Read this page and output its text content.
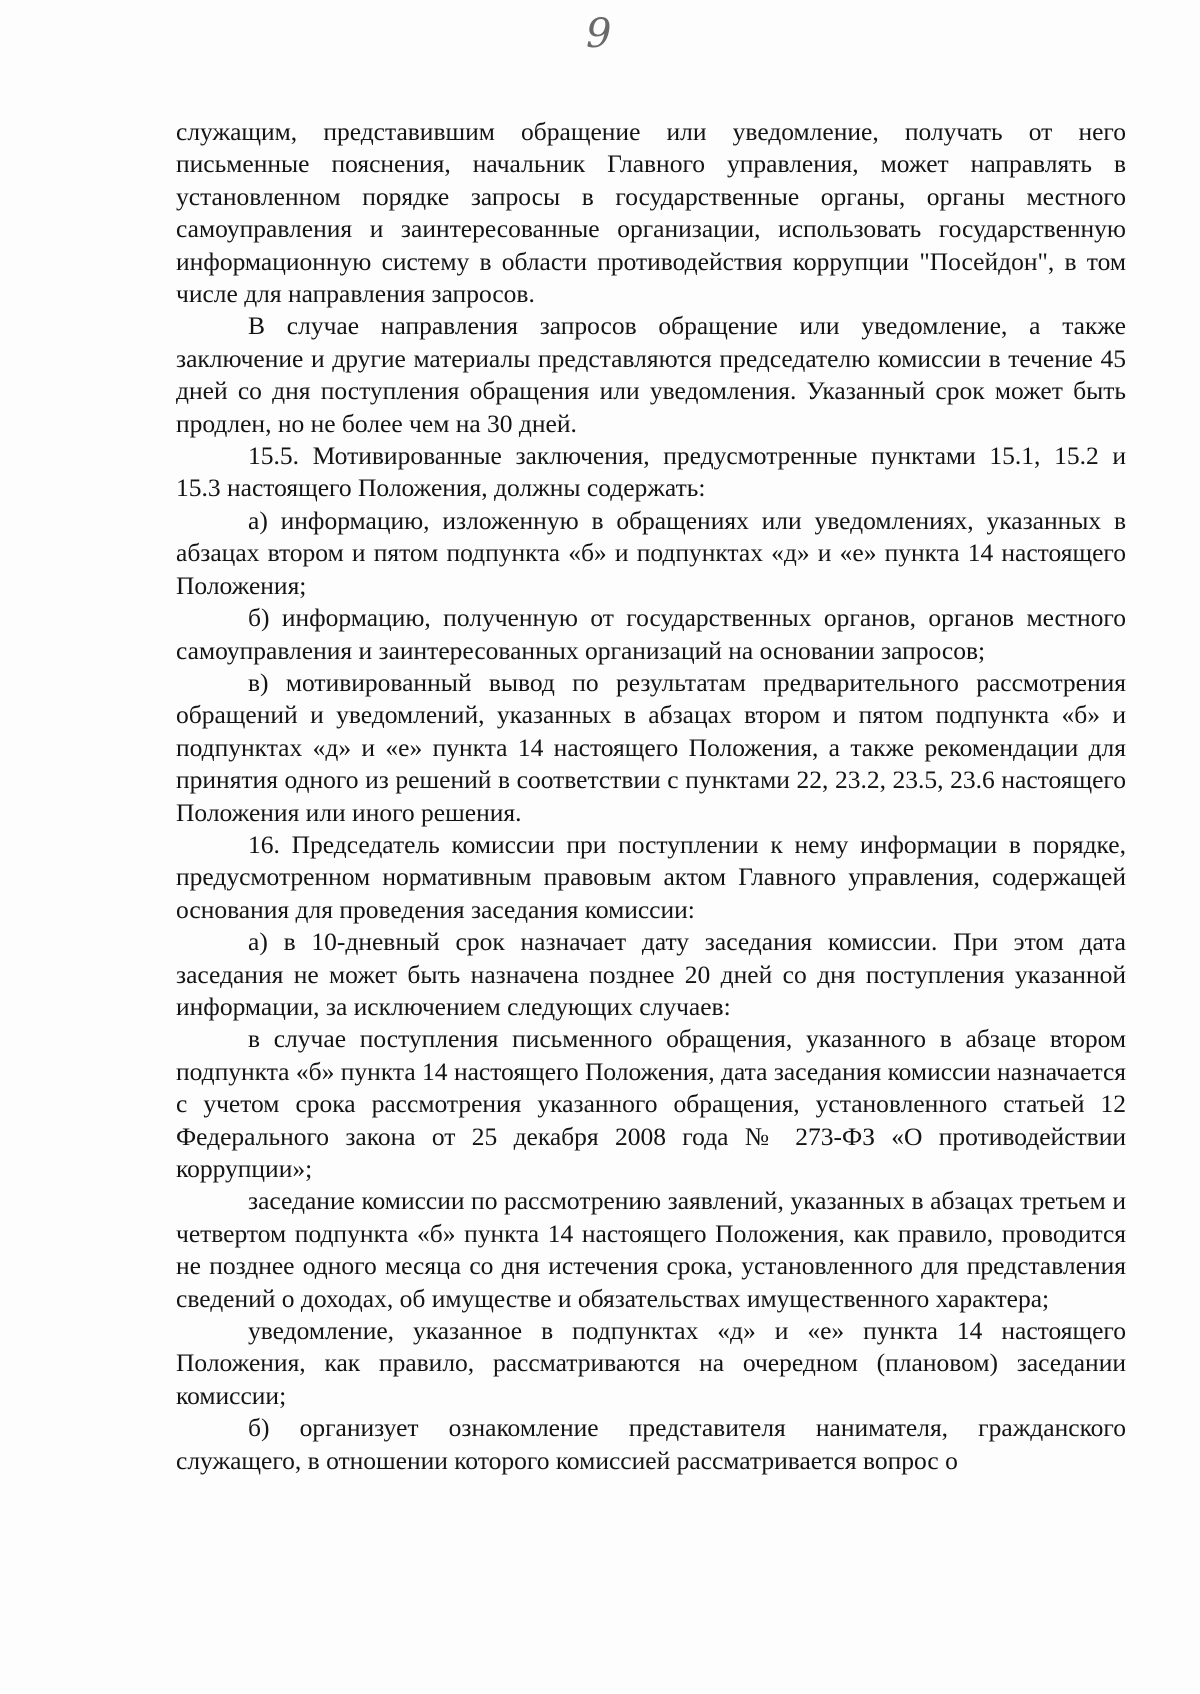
9

служащим, представившим обращение или уведомление, получать от него письменные пояснения, начальник Главного управления, может направлять в установленном порядке запросы в государственные органы, органы местного самоуправления и заинтересованные организации, использовать государственную информационную систему в области противодействия коррупции "Посейдон", в том числе для направления запросов.

В случае направления запросов обращение или уведомление, а также заключение и другие материалы представляются председателю комиссии в течение 45 дней со дня поступления обращения или уведомления. Указанный срок может быть продлен, но не более чем на 30 дней.

15.5. Мотивированные заключения, предусмотренные пунктами 15.1, 15.2 и 15.3 настоящего Положения, должны содержать:

а) информацию, изложенную в обращениях или уведомлениях, указанных в абзацах втором и пятом подпункта «б» и подпунктах «д» и «е» пункта 14 настоящего Положения;

б) информацию, полученную от государственных органов, органов местного самоуправления и заинтересованных организаций на основании запросов;

в) мотивированный вывод по результатам предварительного рассмотрения обращений и уведомлений, указанных в абзацах втором и пятом подпункта «б» и подпунктах «д» и «е» пункта 14 настоящего Положения, а также рекомендации для принятия одного из решений в соответствии с пунктами 22, 23.2, 23.5, 23.6 настоящего Положения или иного решения.

16. Председатель комиссии при поступлении к нему информации в порядке, предусмотренном нормативным правовым актом Главного управления, содержащей основания для проведения заседания комиссии:

а) в 10-дневный срок назначает дату заседания комиссии. При этом дата заседания не может быть назначена позднее 20 дней со дня поступления указанной информации, за исключением следующих случаев:

в случае поступления письменного обращения, указанного в абзаце втором подпункта «б» пункта 14 настоящего Положения, дата заседания комиссии назначается с учетом срока рассмотрения указанного обращения, установленного статьей 12 Федерального закона от 25 декабря 2008 года № 273-ФЗ «О противодействии коррупции»;

заседание комиссии по рассмотрению заявлений, указанных в абзацах третьем и четвертом подпункта «б» пункта 14 настоящего Положения, как правило, проводится не позднее одного месяца со дня истечения срока, установленного для представления сведений о доходах, об имуществе и обязательствах имущественного характера;

уведомление, указанное в подпунктах «д» и «е» пункта 14 настоящего Положения, как правило, рассматриваются на очередном (плановом) заседании комиссии;

б) организует ознакомление представителя нанимателя, гражданского служащего, в отношении которого комиссией рассматривается вопрос о
